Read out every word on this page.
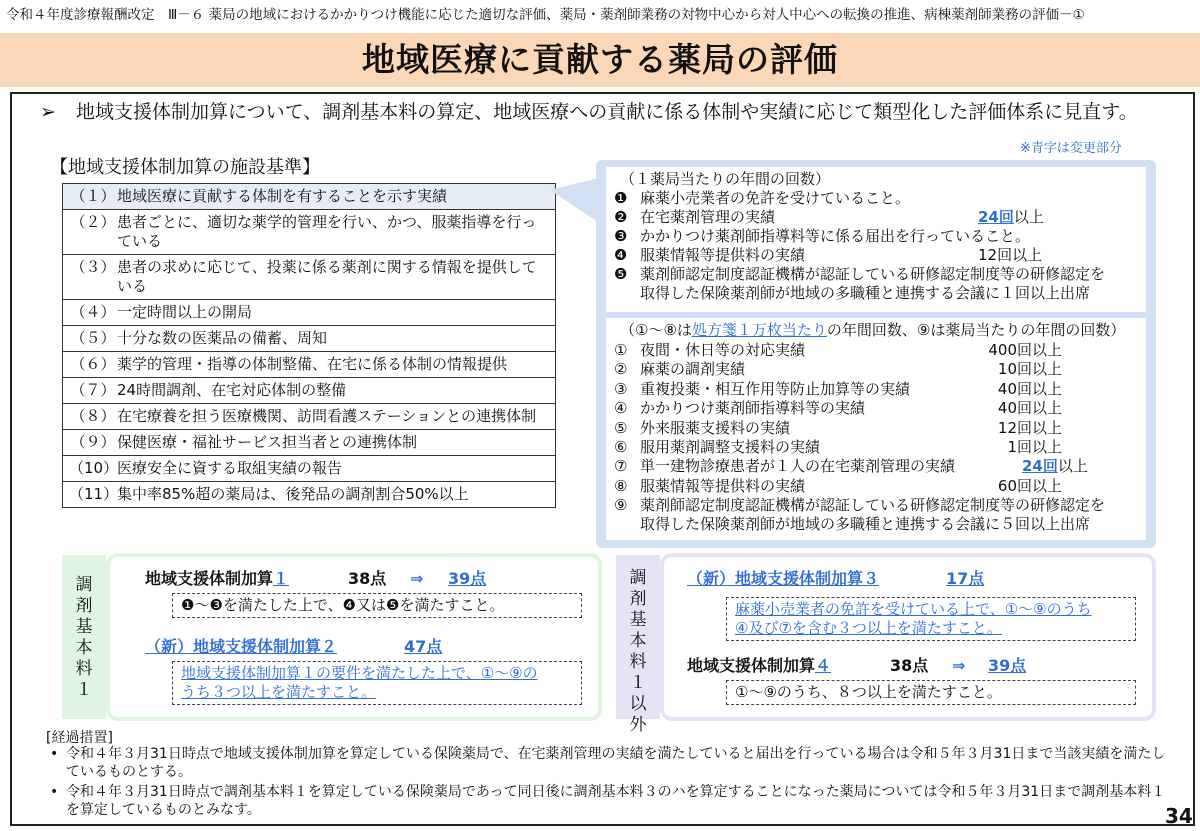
令和４年度診療報酬改定　Ⅲ－６ 薬局の地域におけるかかりつけ機能に応じた適切な評価、薬局・薬剤師業務の対物中心から対人中心への転換の推進、病棟薬剤師業務の評価－①
地域医療に貢献する薬局の評価
➢	地域支援体制加算について、調剤基本料の算定、地域医療への貢献に係る体制や実績に応じて類型化した評価体系に見直す。
※青字は変更部分
【地域支援体制加算の施設基準】
（１） 地域医療に貢献する体制を有することを示す実績
（２） 患者ごとに、適切な薬学的管理を行い、かつ、服薬指導を行っている
（３） 患者の求めに応じて、投薬に係る薬剤に関する情報を提供している
（４） 一定時間以上の開局
（５） 十分な数の医薬品の備蓄、周知
（６） 薬学的管理・指導の体制整備、在宅に係る体制の情報提供
（７） 24時間調剤、在宅対応体制の整備
（８） 在宅療養を担う医療機関、訪問看護ステーションとの連携体制
（９） 保健医療・福祉サービス担当者との連携体制
（10）医療安全に資する取組実績の報告
（11）集中率85%超の薬局は、後発品の調剤割合50%以上
（１薬局当たりの年間の回数）
❶ 麻薬小売業者の免許を受けていること。
❷ 在宅薬剤管理の実績	24回以上
❸ かかりつけ薬剤師指導料等に係る届出を行っていること。
❹ 服薬情報等提供料の実績	12回以上
❺ 薬剤師認定制度認証機構が認証している研修認定制度等の研修認定を
取得した保険薬剤師が地域の多職種と連携する会議に１回以上出席
（①～⑧は処方箋１万枚当たりの年間回数、⑨は薬局当たりの年間の回数）
① 夜間・休日等の対応実績	400回以上
② 麻薬の調剤実績	10回以上
③ 重複投薬・相互作用等防止加算等の実績	40回以上
④ かかりつけ薬剤師指導料等の実績	40回以上
⑤ 外来服薬支援料の実績	12回以上
⑥ 服用薬剤調整支援料の実績	1回以上
⑦ 単一建物診療患者が１人の在宅薬剤管理の実績	24回以上
⑧ 服薬情報等提供料の実績	60回以上
⑨ 薬剤師認定制度認証機構が認証している研修認定制度等の研修認定を
取得した保険薬剤師が地域の多職種と連携する会議に５回以上出席
調
剤
基
本
料
１
地域支援体制加算１	38点 ⇒ 39点
❶～❸を満たした上で、❹又は❺を満たすこと。
（新）地域支援体制加算２	47点
地域支援体制加算１の要件を満たした上で、①～⑨の
うち３つ以上を満たすこと。
調
剤
基
本
料
１
以
外
（新）地域支援体制加算３	17点
麻薬小売業者の免許を受けている上で、①～⑨のうち
④及び⑦を含む３つ以上を満たすこと。
地域支援体制加算４	38点 ⇒ 39点
①～⑨のうち、８つ以上を満たすこと。
[経過措置]
• 令和４年３月31日時点で地域支援体制加算を算定している保険薬局で、在宅薬剤管理の実績を満たしていると届出を行っている場合は令和５年３月31日まで当該実績を満たしているものとする。
• 令和４年３月31日時点で調剤基本料１を算定している保険薬局であって同日後に調剤基本料３のハを算定することになった薬局については令和５年３月31日まで調剤基本料１を算定しているものとみなす。	34
